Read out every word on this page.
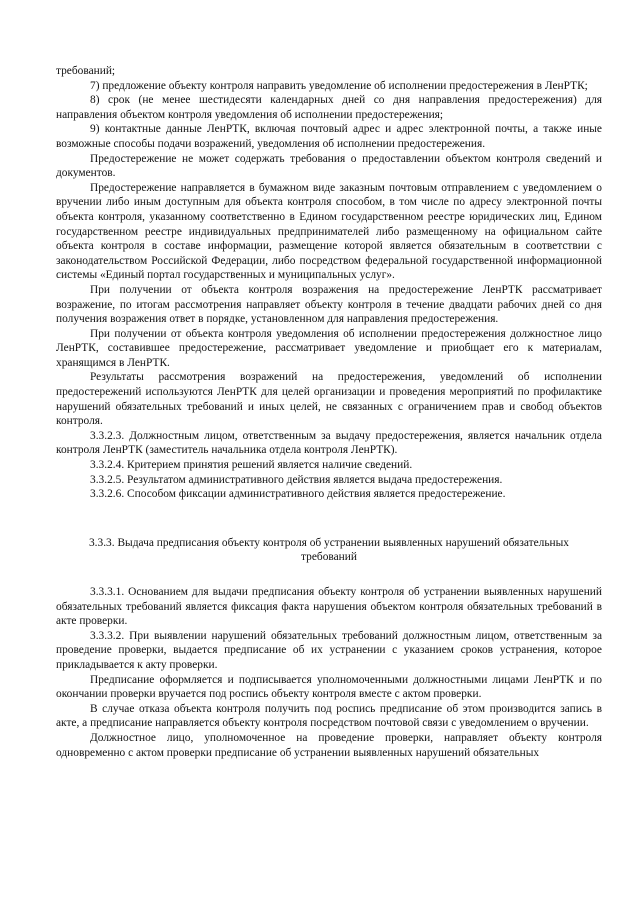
требований;

7) предложение объекту контроля направить уведомление об исполнении предостережения в ЛенРТК;

8) срок (не менее шестидесяти календарных дней со дня направления предостережения) для направления объектом контроля уведомления об исполнении предостережения;

9) контактные данные ЛенРТК, включая почтовый адрес и адрес электронной почты, а также иные возможные способы подачи возражений, уведомления об исполнении предостережения.

Предостережение не может содержать требования о предоставлении объектом контроля сведений и документов.

Предостережение направляется в бумажном виде заказным почтовым отправлением с уведомлением о вручении либо иным доступным для объекта контроля способом, в том числе по адресу электронной почты объекта контроля, указанному соответственно в Едином государственном реестре юридических лиц, Едином государственном реестре индивидуальных предпринимателей либо размещенному на официальном сайте объекта контроля в составе информации, размещение которой является обязательным в соответствии с законодательством Российской Федерации, либо посредством федеральной государственной информационной системы «Единый портал государственных и муниципальных услуг».

При получении от объекта контроля возражения на предостережение ЛенРТК рассматривает возражение, по итогам рассмотрения направляет объекту контроля в течение двадцати рабочих дней со дня получения возражения ответ в порядке, установленном для направления предостережения.

При получении от объекта контроля уведомления об исполнении предостережения должностное лицо ЛенРТК, составившее предостережение, рассматривает уведомление и приобщает его к материалам, хранящимся в ЛенРТК.

Результаты рассмотрения возражений на предостережения, уведомлений об исполнении предостережений используются ЛенРТК для целей организации и проведения мероприятий по профилактике нарушений обязательных требований и иных целей, не связанных с ограничением прав и свобод объектов контроля.

3.3.2.3. Должностным лицом, ответственным за выдачу предостережения, является начальник отдела контроля ЛенРТК (заместитель начальника отдела контроля ЛенРТК).

3.3.2.4. Критерием принятия решений является наличие сведений.

3.3.2.5. Результатом административного действия является выдача предостережения.

3.3.2.6. Способом фиксации административного действия является предостережение.

3.3.3. Выдача предписания объекту контроля об устранении выявленных нарушений обязательных требований

3.3.3.1. Основанием для выдачи предписания объекту контроля об устранении выявленных нарушений обязательных требований является фиксация факта нарушения объектом контроля обязательных требований в акте проверки.

3.3.3.2. При выявлении нарушений обязательных требований должностным лицом, ответственным за проведение проверки, выдается предписание об их устранении с указанием сроков устранения, которое прикладывается к акту проверки.

Предписание оформляется и подписывается уполномоченными должностными лицами ЛенРТК и по окончании проверки вручается под роспись объекту контроля вместе с актом проверки.

В случае отказа объекта контроля получить под роспись предписание об этом производится запись в акте, а предписание направляется объекту контроля посредством почтовой связи с уведомлением о вручении.

Должностное лицо, уполномоченное на проведение проверки, направляет объекту контроля одновременно с актом проверки предписание об устранении выявленных нарушений обязательных
